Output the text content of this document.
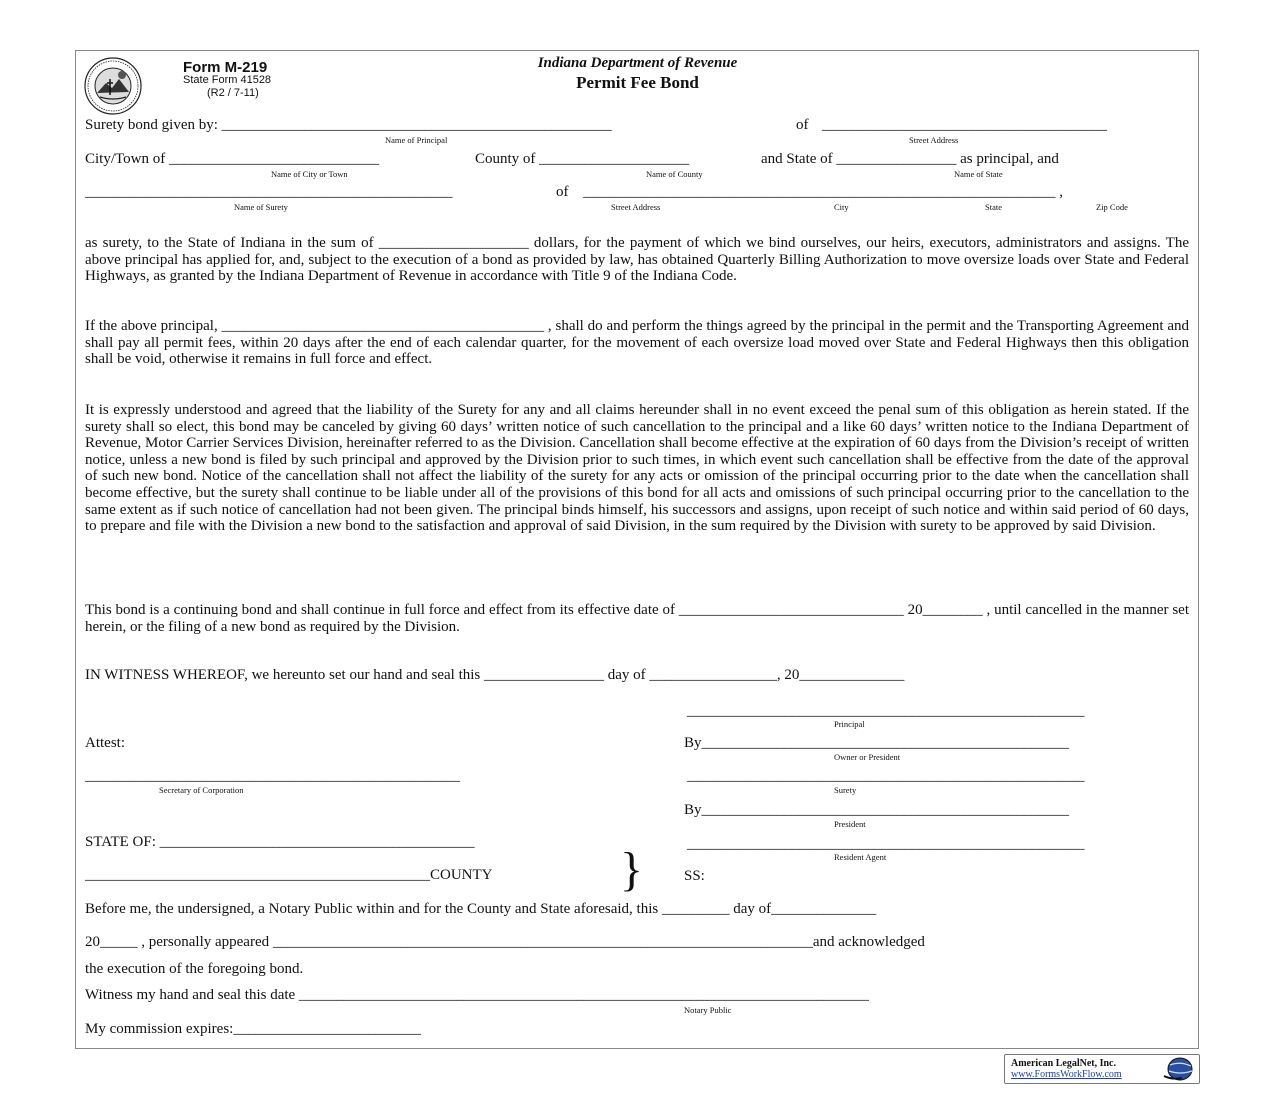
Form M-219
State Form 41528
(R2 / 7-11)
Indiana Department of Revenue
Permit Fee Bond
Surety bond given by: ____________________________________________________	of ______________________________________
Name of Principal	Street Address
City/Town of ____________________________	County of ____________________	and State of ________________ as principal, and
Name of City or Town	Name of County	Name of State
_________________________________________________	of _______________________________________________________________ ,
Name of Surety	Street Address	City	State	Zip Code

as surety, to the State of Indiana in the sum of ____________________ dollars, for the payment of which we bind ourselves, our heirs, executors, administrators and assigns. The above principal has applied for, and, subject to the execution of a bond as provided by law, has obtained Quarterly Billing Authorization to move oversize loads over State and Federal Highways, as granted by the Indiana Department of Revenue in accordance with Title 9 of the Indiana Code.

If the above principal, ___________________________________________ , shall do and perform the things agreed by the principal in the permit and the Transporting Agreement and shall pay all permit fees, within 20 days after the end of each calendar quarter, for the movement of each oversize load moved over State and Federal Highways then this obligation shall be void, otherwise it remains in full force and effect.

It is expressly understood and agreed that the liability of the Surety for any and all claims hereunder shall in no event exceed the penal sum of this obligation as herein stated. If the surety shall so elect, this bond may be canceled by giving 60 days’ written notice of such cancellation to the principal and a like 60 days’ written notice to the Indiana Department of Revenue, Motor Carrier Services Division, hereinafter referred to as the Division. Cancellation shall become effective at the expiration of 60 days from the Division’s receipt of written notice, unless a new bond is filed by such principal and approved by the Division prior to such times, in which event such cancellation shall be effective from the date of the approval of such new bond. Notice of the cancellation shall not affect the liability of the surety for any acts or omission of the principal occurring prior to the date when the cancellation shall become effective, but the surety shall continue to be liable under all of the provisions of this bond for all acts and omissions of such principal occurring prior to the cancellation to the same extent as if such notice of cancellation had not been given. The principal binds himself, his successors and assigns, upon receipt of such notice and within said period of 60 days, to prepare and file with the Division a new bond to the satisfaction and approval of said Division, in the sum required by the Division with surety to be approved by said Division.

This bond is a continuing bond and shall continue in full force and effect from its effective date of ______________________________ 20________ , until cancelled in the manner set herein, or the filing of a new bond as required by the Division.

IN WITNESS WHEREOF, we hereunto set our hand and seal this ________________ day of _________________, 20______________
_____________________________________________________
Principal
Attest:	By_________________________________________________
Owner or President
__________________________________________________	_____________________________________________________
Secretary of Corporation	Surety
By_________________________________________________
President
STATE OF: __________________________________________	_____________________________________________________
Resident Agent
______________________________________________COUNTY	}	SS:
Before me, the undersigned, a Notary Public within and for the County and State aforesaid, this _________ day of______________
20_____ , personally appeared ________________________________________________________________________and acknowledged
the execution of the foregoing bond.
Witness my hand and seal this date ____________________________________________________________________________
Notary Public
My commission expires:_________________________
American LegalNet, Inc.
www.FormsWorkFlow.com
